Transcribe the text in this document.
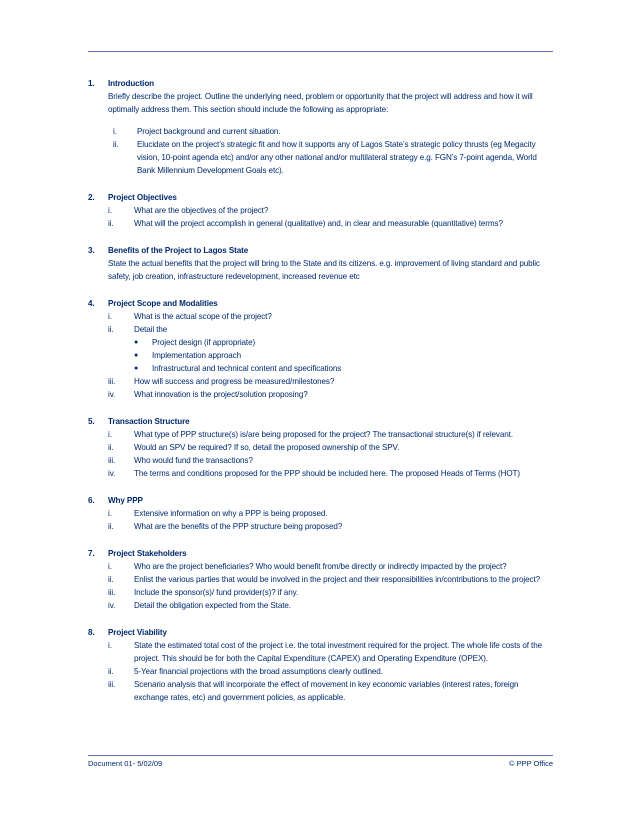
1.	Introduction

Briefly describe the project. Outline the underlying need, problem or opportunity that the project will address and how it will optimally address them. This section should include the following as appropriate:

i.	Project background and current situation.
ii.	Elucidate on the project’s strategic fit and how it supports any of Lagos State’s strategic policy thrusts (eg Megacity vision, 10-point agenda etc) and/or any other national and/or multilateral strategy e.g. FGN’s 7-point agenda, World Bank Millennium Development Goals etc).
2.	Project Objectives
i.	What are the objectives of the project?
ii.	What will the project accomplish in general (qualitative) and, in clear and measurable (quantitative) terms?
3.	Benefits of the Project to Lagos State

State the actual benefits that the project will bring to the State and its citizens. e.g. improvement of living standard and public safety, job creation, infrastructure redevelopment, increased revenue etc

4.	Project Scope and Modalities
i.	What is the actual scope of the project?
ii.	Detail the
●	Project design (if appropriate)
●	Implementation approach
●	Infrastructural and technical content and specifications
iii.	How will success and progress be measured/milestones?
iv.	What innovation is the project/solution proposing?
5.	Transaction Structure
i.	What type of PPP structure(s) is/are being proposed for the project? The transactional structure(s) if relevant.
ii.	Would an SPV be required? If so, detail the proposed ownership of the SPV.
iii.	Who would fund the transactions?
iv.	The terms and conditions proposed for the PPP should be included here. The proposed Heads of Terms (HOT)
6.	Why PPP
i.	Extensive information on why a PPP is being proposed.
ii.	What are the benefits of the PPP structure being proposed?
7.	Project Stakeholders
i.	Who are the project beneficiaries? Who would benefit from/be directly or indirectly impacted by the project?
ii.	Enlist the various parties that would be involved in the project and their responsibilities in/contributions to the project?
iii.	Include the sponsor(s)/ fund provider(s)? if any.
iv.	Detail the obligation expected from the State.
8.	Project Viability
i.	State the estimated total cost of the project i.e. the total investment required for the project. The whole life costs of the project. This should be for both the Capital Expenditure (CAPEX) and Operating Expenditure (OPEX).
ii.	5-Year financial projections with the broad assumptions clearly outlined.
iii.	Scenario analysis that will incorporate the effect of movement in key economic variables (interest rates, foreign exchange rates, etc) and government policies, as applicable.
Document 01- 5/02/09	© PPP Office
